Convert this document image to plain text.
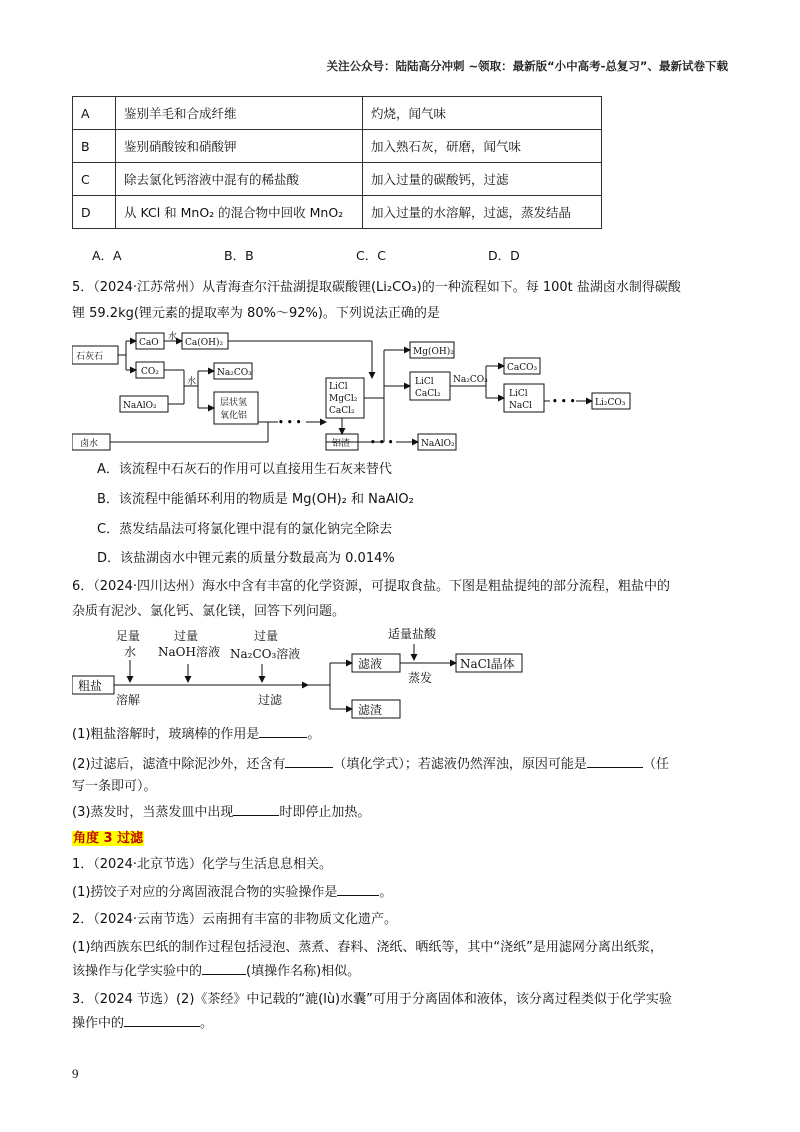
关注公众号：陆陆高分冲刺 ~领取：最新版“小中高考-总复习”、最新试卷下载
A	鉴别羊毛和合成纤维	灼烧，闻气味
B	鉴别硝酸铵和硝酸钾	加入熟石灰，研磨，闻气味
C	除去氯化钙溶液中混有的稀盐酸	加入过量的碳酸钙，过滤
D	从 KCl 和 MnO₂ 的混合物中回收 MnO₂	加入过量的水溶解，过滤，蒸发结晶
A．A	B．B	C．C	D．D
5．（2024·江苏常州）从青海查尔汗盐湖提取碳酸锂(Li₂CO₃)的一种流程如下。每 100t 盐湖卤水制得碳酸
锂 59.2kg(锂元素的提取率为 80%～92%)。下列说法正确的是
石灰石
CaO
水
Ca(OH)₂
CO₂
水
NaAlO₂
Na₂CO₃
层状氢
氧化铝
LiCl
MgCl₂
CaCl₂
Mg(OH)₂
LiCl
CaCl₂
Na₂CO₃
CaCO₃
LiCl
NaCl	Li₂CO₃
卤水	铝渣	NaAlO₂
• • •
• • •
• • •
A．该流程中石灰石的作用可以直接用生石灰来替代
B．该流程中能循环利用的物质是 Mg(OH)₂ 和 NaAlO₂
C．蒸发结晶法可将氯化锂中混有的氯化钠完全除去
D．该盐湖卤水中锂元素的质量分数最高为 0.014%
6．（2024·四川达州）海水中含有丰富的化学资源，可提取食盐。下图是粗盐提纯的部分流程，粗盐中的
杂质有泥沙、氯化钙、氯化镁，回答下列问题。
足量
水
过量
NaOH溶液
过量
Na₂CO₃溶液
粗盐
溶解	过滤
滤液
滤渣
适量盐酸
蒸发
NaCl晶体
(1)粗盐溶解时，玻璃棒的作用是	。
(2)过滤后，滤渣中除泥沙外，还含有	（填化学式）；若滤液仍然浑浊，原因可能是	（任
写一条即可）。
(3)蒸发时，当蒸发皿中出现	时即停止加热。
角度 3 过滤
1．（2024·北京节选）化学与生活息息相关。
(1)捞饺子对应的分离固液混合物的实验操作是	。
2．（2024·云南节选）云南拥有丰富的非物质文化遗产。
(1)纳西族东巴纸的制作过程包括浸泡、蒸煮、舂料、浇纸、晒纸等，其中“浇纸”是用滤网分离出纸浆，
该操作与化学实验中的	(填操作名称)相似。
3．（2024 节选）(2)《茶经》中记载的“漉(lù)水囊”可用于分离固体和液体，该分离过程类似于化学实验
操作中的	。
9
